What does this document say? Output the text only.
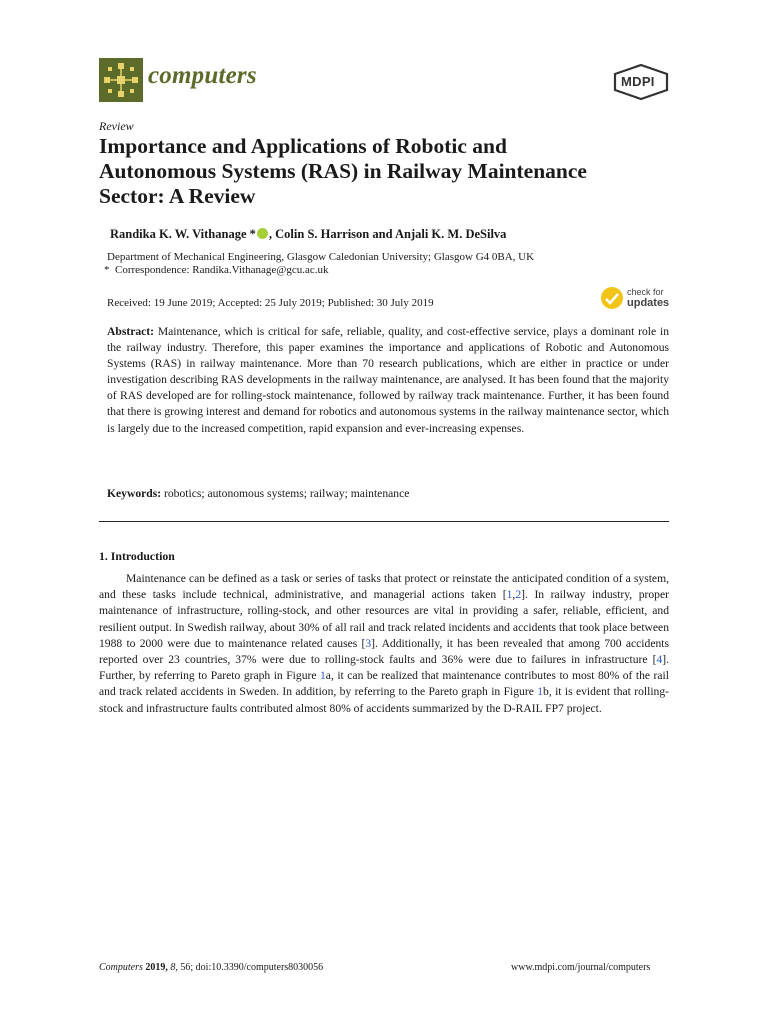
computers	MDPI
Review
Importance and Applications of Robotic and
Autonomous Systems (RAS) in Railway Maintenance
Sector: A Review
Randika K. W. Vithanage * , Colin S. Harrison and Anjali K. M. DeSilva
Department of Mechanical Engineering, Glasgow Caledonian University; Glasgow G4 0BA, UK
* Correspondence: Randika.Vithanage@gcu.ac.uk
Received: 19 June 2019; Accepted: 25 July 2019; Published: 30 July 2019
check for
updates
Abstract: Maintenance, which is critical for safe, reliable, quality, and cost-effective service, plays a dominant role in the railway industry. Therefore, this paper examines the importance and applications of Robotic and Autonomous Systems (RAS) in railway maintenance. More than 70 research publications, which are either in practice or under investigation describing RAS developments in the railway maintenance, are analysed. It has been found that the majority of RAS developed are for rolling-stock maintenance, followed by railway track maintenance. Further, it has been found that there is growing interest and demand for robotics and autonomous systems in the railway maintenance sector, which is largely due to the increased competition, rapid expansion and ever-increasing expenses.
Keywords: robotics; autonomous systems; railway; maintenance
1. Introduction
Maintenance can be defined as a task or series of tasks that protect or reinstate the anticipated condition of a system, and these tasks include technical, administrative, and managerial actions taken [1,2]. In railway industry, proper maintenance of infrastructure, rolling-stock, and other resources are vital in providing a safer, reliable, efficient, and resilient output. In Swedish railway, about 30% of all rail and track related incidents and accidents that took place between 1988 to 2000 were due to maintenance related causes [3]. Additionally, it has been revealed that among 700 accidents reported over 23 countries, 37% were due to rolling-stock faults and 36% were due to failures in infrastructure [4]. Further, by referring to Pareto graph in Figure 1a, it can be realized that maintenance contributes to most 80% of the rail and track related accidents in Sweden. In addition, by referring to the Pareto graph in Figure 1b, it is evident that rolling-stock and infrastructure faults contributed almost 80% of accidents summarized by the D-RAIL FP7 project.
Computers 2019, 8, 56; doi:10.3390/computers8030056	www.mdpi.com/journal/computers
